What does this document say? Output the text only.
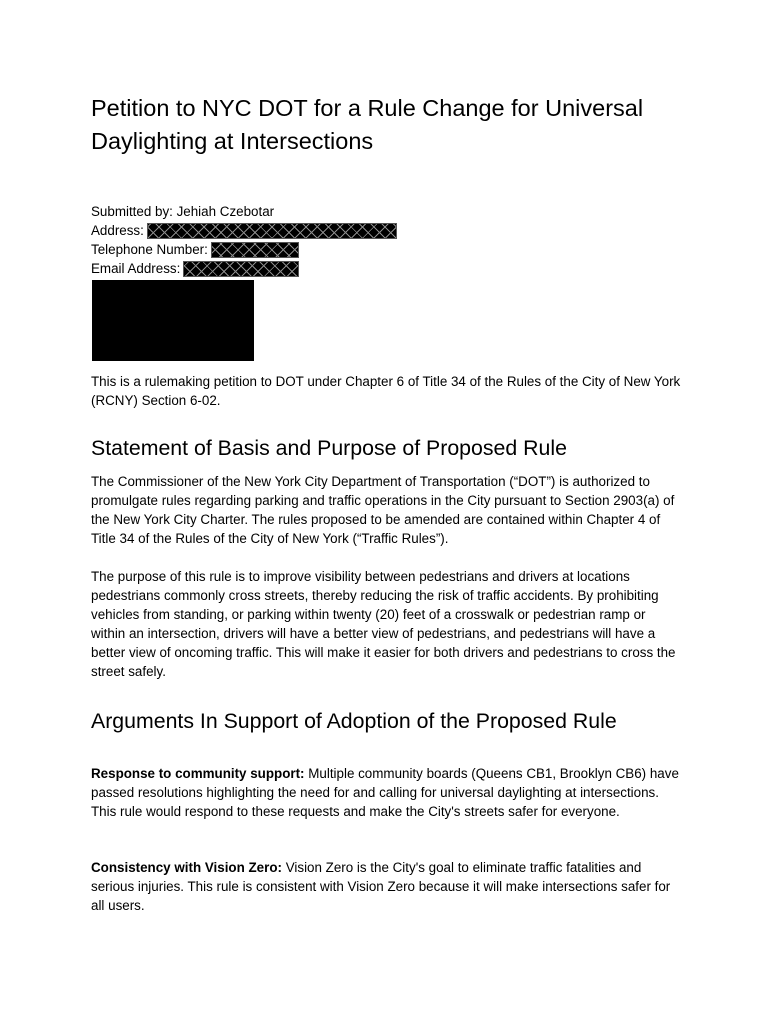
Petition to NYC DOT for a Rule Change for Universal Daylighting at Intersections
Submitted by: Jehiah Czebotar
Address:
Telephone Number:
Email Address:

This is a rulemaking petition to DOT under Chapter 6 of Title 34 of the Rules of the City of New York (RCNY) Section 6-02.

Statement of Basis and Purpose of Proposed Rule

The Commissioner of the New York City Department of Transportation (“DOT”) is authorized to promulgate rules regarding parking and traffic operations in the City pursuant to Section 2903(a) of the New York City Charter. The rules proposed to be amended are contained within Chapter 4 of Title 34 of the Rules of the City of New York (“Traffic Rules”).

The purpose of this rule is to improve visibility between pedestrians and drivers at locations pedestrians commonly cross streets, thereby reducing the risk of traffic accidents. By prohibiting vehicles from standing, or parking within twenty (20) feet of a crosswalk or pedestrian ramp or within an intersection, drivers will have a better view of pedestrians, and pedestrians will have a better view of oncoming traffic. This will make it easier for both drivers and pedestrians to cross the street safely.

Arguments In Support of Adoption of the Proposed Rule

Response to community support: Multiple community boards (Queens CB1, Brooklyn CB6) have passed resolutions highlighting the need for and calling for universal daylighting at intersections. This rule would respond to these requests and make the City's streets safer for everyone.

Consistency with Vision Zero: Vision Zero is the City's goal to eliminate traffic fatalities and serious injuries. This rule is consistent with Vision Zero because it will make intersections safer for all users.
